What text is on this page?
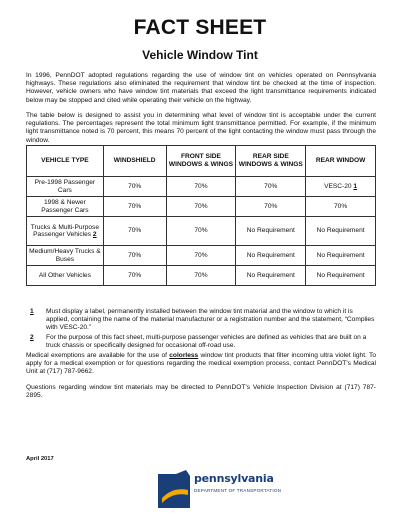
FACT SHEET
Vehicle Window Tint

In 1996, PennDOT adopted regulations regarding the use of window tint on vehicles operated on Pennsylvania highways. These regulations also eliminated the requirement that window tint be checked at the time of inspection. However, vehicle owners who have window tint materials that exceed the light transmittance requirements indicated below may be stopped and cited while operating their vehicle on the highway.

The table below is designed to assist you in determining what level of window tint is acceptable under the current regulations. The percentages represent the total minimum light transmittance permitted. For example, if the minimum light transmittance noted is 70 percent, this means 70 percent of the light contacting the window must pass through the window.

VEHICLE TYPE	WINDSHIELD	FRONT SIDE WINDOWS & WINGS	REAR SIDE WINDOWS & WINGS	REAR WINDOW
Pre-1998 Passenger Cars	70%	70%	70%	VESC-20 1
1998 & Newer Passenger Cars	70%	70%	70%	70%
Trucks & Multi-Purpose Passenger Vehicles 2	70%	70%	No Requirement	No Requirement
Medium/Heavy Trucks & Buses	70%	70%	No Requirement	No Requirement
All Other Vehicles	70%	70%	No Requirement	No Requirement
1 Must display a label, permanently installed between the window tint material and the window to which it is applied, containing the name of the material manufacturer or a registration number and the statement, “Complies with VESC-20.”
2 For the purpose of this fact sheet, multi-purpose passenger vehicles are defined as vehicles that are built on a truck chassis or specifically designed for occasional off-road use.

Medical exemptions are available for the use of colorless window tint products that filter incoming ultra violet light. To apply for a medical exemption or for questions regarding the medical exemption process, contact PennDOT’s Medical Unit at (717) 787-9662.

Questions regarding window tint materials may be directed to PennDOT’s Vehicle Inspection Division at (717) 787-2895.

April 2017
pennsylvania
DEPARTMENT OF TRANSPORTATION
